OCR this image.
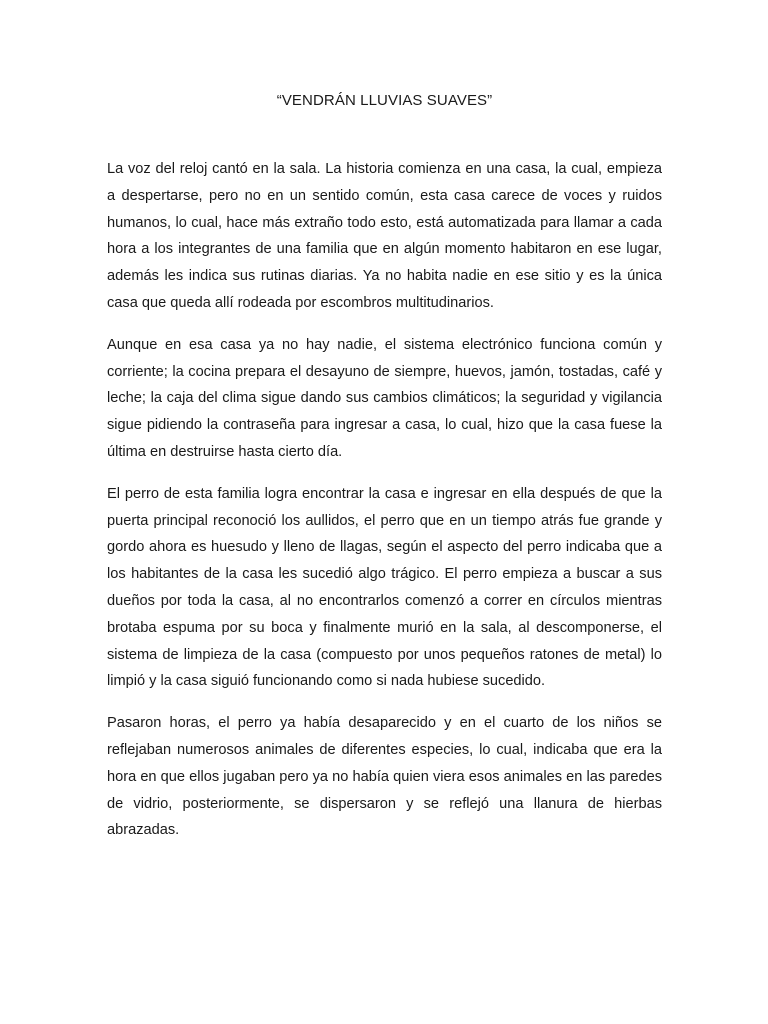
“VENDRÁN LLUVIAS SUAVES”

La voz del reloj cantó en la sala. La historia comienza en una casa, la cual, empieza a despertarse, pero no en un sentido común, esta casa carece de voces y ruidos humanos, lo cual, hace más extraño todo esto, está automatizada para llamar a cada hora a los integrantes de una familia que en algún momento habitaron en ese lugar, además les indica sus rutinas diarias. Ya no habita nadie en ese sitio y es la única casa que queda allí rodeada por escombros multitudinarios.

Aunque en esa casa ya no hay nadie, el sistema electrónico funciona común y corriente; la cocina prepara el desayuno de siempre, huevos, jamón, tostadas, café y leche; la caja del clima sigue dando sus cambios climáticos; la seguridad y vigilancia sigue pidiendo la contraseña para ingresar a casa, lo cual, hizo que la casa fuese la última en destruirse hasta cierto día.

El perro de esta familia logra encontrar la casa e ingresar en ella después de que la puerta principal reconoció los aullidos, el perro que en un tiempo atrás fue grande y gordo ahora es huesudo y lleno de llagas, según el aspecto del perro indicaba que a los habitantes de la casa les sucedió algo trágico. El perro empieza a buscar a sus dueños por toda la casa, al no encontrarlos comenzó a correr en círculos mientras brotaba espuma por su boca y finalmente murió en la sala, al descomponerse, el sistema de limpieza de la casa (compuesto por unos pequeños ratones de metal) lo limpió y la casa siguió funcionando como si nada hubiese sucedido.

Pasaron horas, el perro ya había desaparecido y en el cuarto de los niños se reflejaban numerosos animales de diferentes especies, lo cual, indicaba que era la hora en que ellos jugaban pero ya no había quien viera esos animales en las paredes de vidrio, posteriormente, se dispersaron y se reflejó una llanura de hierbas abrazadas.
